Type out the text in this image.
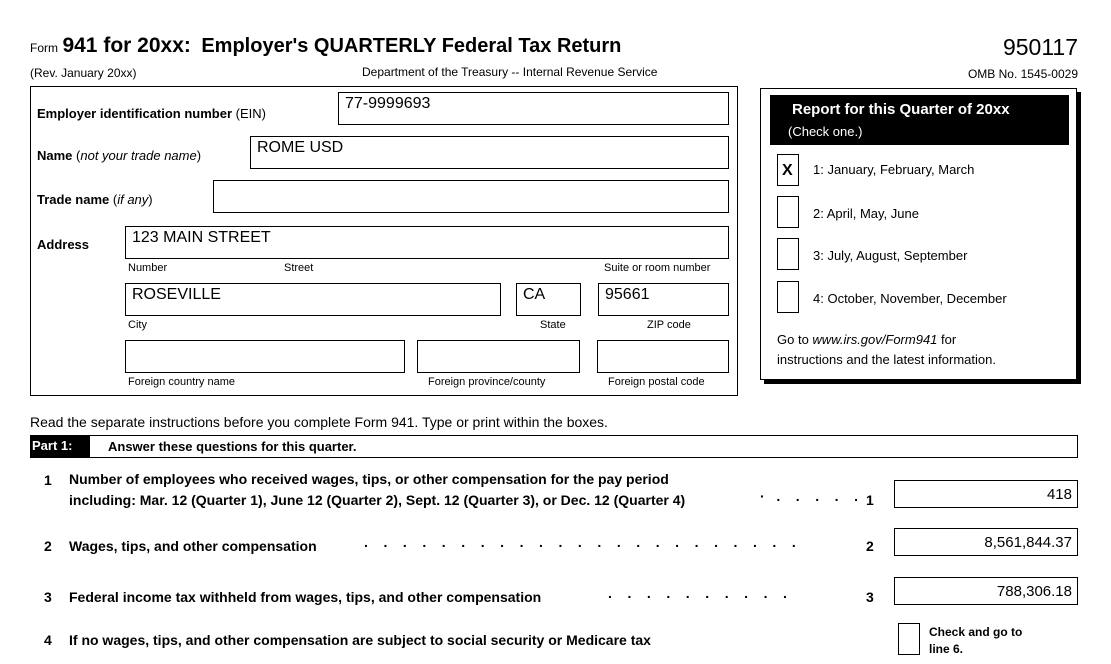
Form 941 for 20xx: Employer's QUARTERLY Federal Tax Return	950117
(Rev. January 20xx)	Department of the Treasury -- Internal Revenue Service	OMB No. 1545-0029
Employer identification number (EIN)
77-9999693
Name (not your trade name)	ROME USD
Trade name (if any)
Address	123 MAIN STREET
Number	Street	Suite or room number
ROSEVILLE	CA	95661
City	State	ZIP code
Foreign country name	Foreign province/county	Foreign postal code
Report for this Quarter of 20xx
(Check one.)
X 1: January, February, March
2: April, May, June
3: July, August, September
4: October, November, December
Go to www.irs.gov/Form941 for
instructions and the latest information.
Read the separate instructions before you complete Form 941. Type or print within the boxes.
Part 1:	Answer these questions for this quarter.
1 Number of employees who received wages, tips, or other compensation for the pay period
including: Mar. 12 (Quarter 1), June 12 (Quarter 2), Sept. 12 (Quarter 3), or Dec. 12 (Quarter 4)	·   .    .    .    .    . 1	418
2 Wages, tips, and other compensation	.    .    .    .    .    .    .    .    .    .    .    .    .    .    .    .    .    .    .    .    .    .    .	2	8,561,844.37
3 Federal income tax withheld from wages, tips, and other compensation	.    .    .    .    .    .    .    .    .    .	3	788,306.18
4 If no wages, tips, and other compensation are subject to social security or Medicare tax	Check and go to
line 6.
